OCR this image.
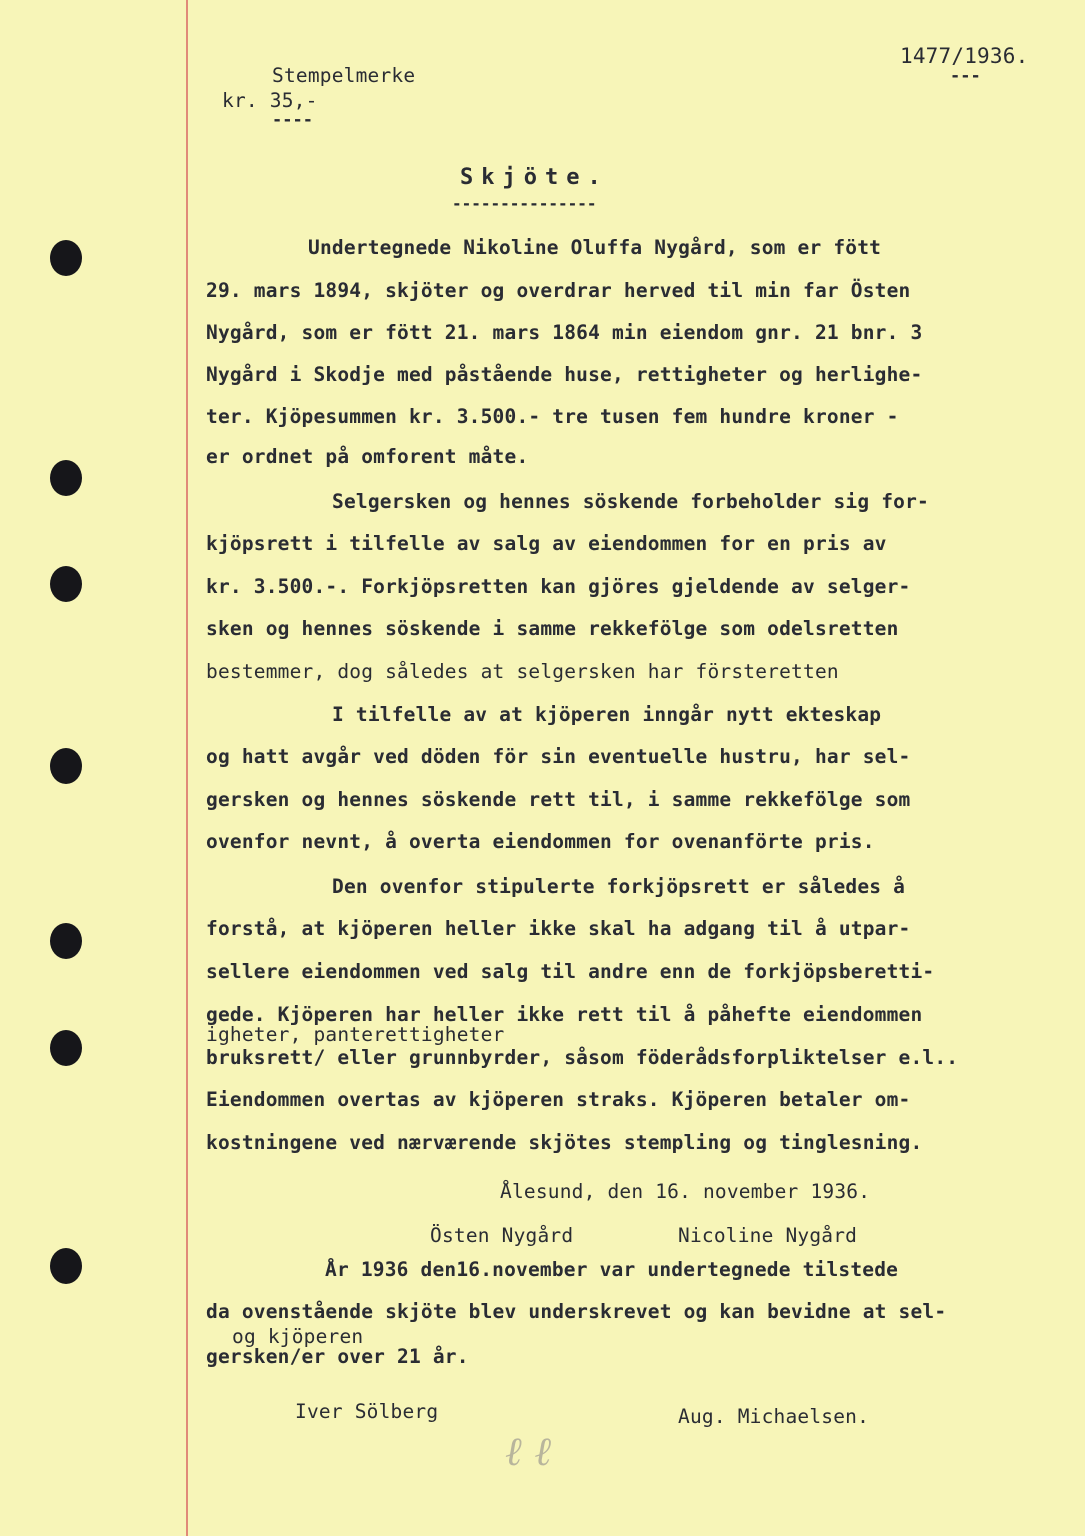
1477/1936.
---
Stempelmerke
kr. 35,-
----
Skjöte.
---------------
Undertegnede Nikoline Oluffa Nygård, som er fött
29. mars 1894, skjöter og overdrar herved til min far Östen
Nygård, som er fött 21. mars 1864 min eiendom gnr. 21 bnr. 3
Nygård i Skodje med påstående huse, rettigheter og herlighe-
ter. Kjöpesummen kr. 3.500.- tre tusen fem hundre kroner -
er ordnet på omforent måte.
Selgersken og hennes söskende forbeholder sig for-
kjöpsrett i tilfelle av salg av eiendommen for en pris av
kr. 3.500.-. Forkjöpsretten kan gjöres gjeldende av selger-
sken og hennes söskende i samme rekkefölge som odelsretten
bestemmer, dog således at selgersken har försteretten
I tilfelle av at kjöperen inngår nytt ekteskap
og hatt avgår ved döden för sin eventuelle hustru, har sel-
gersken og hennes söskende rett til, i samme rekkefölge som
ovenfor nevnt, å overta eiendommen for ovenanförte pris.
Den ovenfor stipulerte forkjöpsrett er således å
forstå, at kjöperen heller ikke skal ha adgang til å utpar-
sellere eiendommen ved salg til andre enn de forkjöpsberetti-
gede. Kjöperen har heller ikke rett til å påhefte eiendommen
igheter, panterettigheter
bruksrett/ eller grunnbyrder, såsom föderådsforpliktelser e.l..
Eiendommen overtas av kjöperen straks. Kjöperen betaler om-
kostningene ved nærværende skjötes stempling og tinglesning.
Ålesund, den 16. november 1936.
Östen Nygård	Nicoline Nygård
År 1936 den16.november var undertegnede tilstede
da ovenstående skjöte blev underskrevet og kan bevidne at sel-
og kjöperen
gersken/er over 21 år.
Iver Sölberg	Aug. Michaelsen.
ℓ ℓ
